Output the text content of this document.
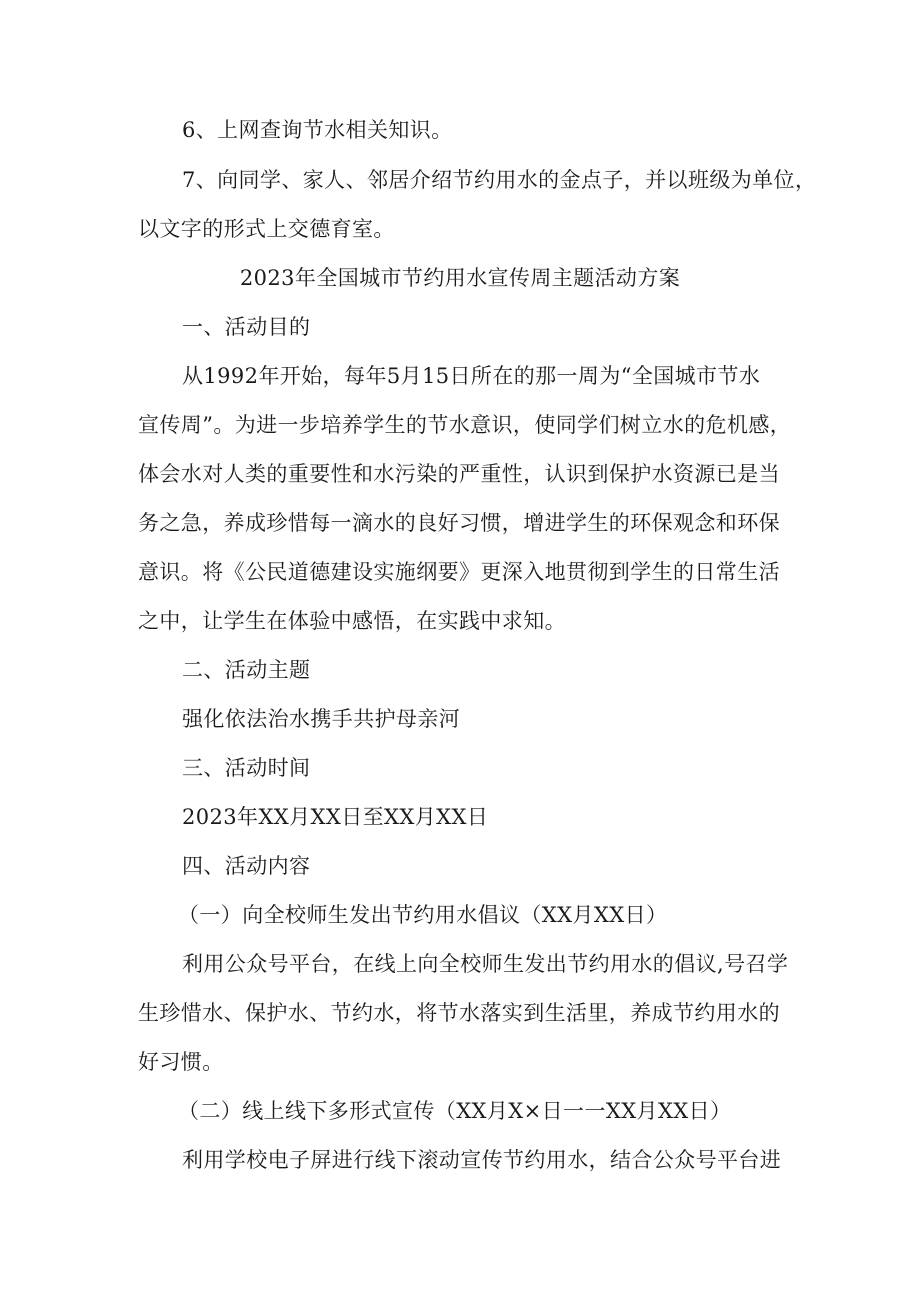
6、上网查询节水相关知识。
7、向同学、家人、邻居介绍节约用水的金点子，并以班级为单位，
以文字的形式上交德育室。
2023年全国城市节约用水宣传周主题活动方案
一、活动目的
从1992年开始，每年5月15日所在的那一周为“全国城市节水
宣传周”。为进一步培养学生的节水意识，使同学们树立水的危机感，
体会水对人类的重要性和水污染的严重性，认识到保护水资源已是当
务之急，养成珍惜每一滴水的良好习惯，增进学生的环保观念和环保
意识。将《公民道德建设实施纲要》更深入地贯彻到学生的日常生活
之中，让学生在体验中感悟，在实践中求知。
二、活动主题
强化依法治水携手共护母亲河
三、活动时间
2023年XX月XX日至XX月XX日
四、活动内容
（一）向全校师生发出节约用水倡议（XX月XX日）
利用公众号平台，在线上向全校师生发出节约用水的倡议,号召学
生珍惜水、保护水、节约水，将节水落实到生活里，养成节约用水的
好习惯。
（二）线上线下多形式宣传（XX月X×日一一XX月XX日）
利用学校电子屏进行线下滚动宣传节约用水，结合公众号平台进
